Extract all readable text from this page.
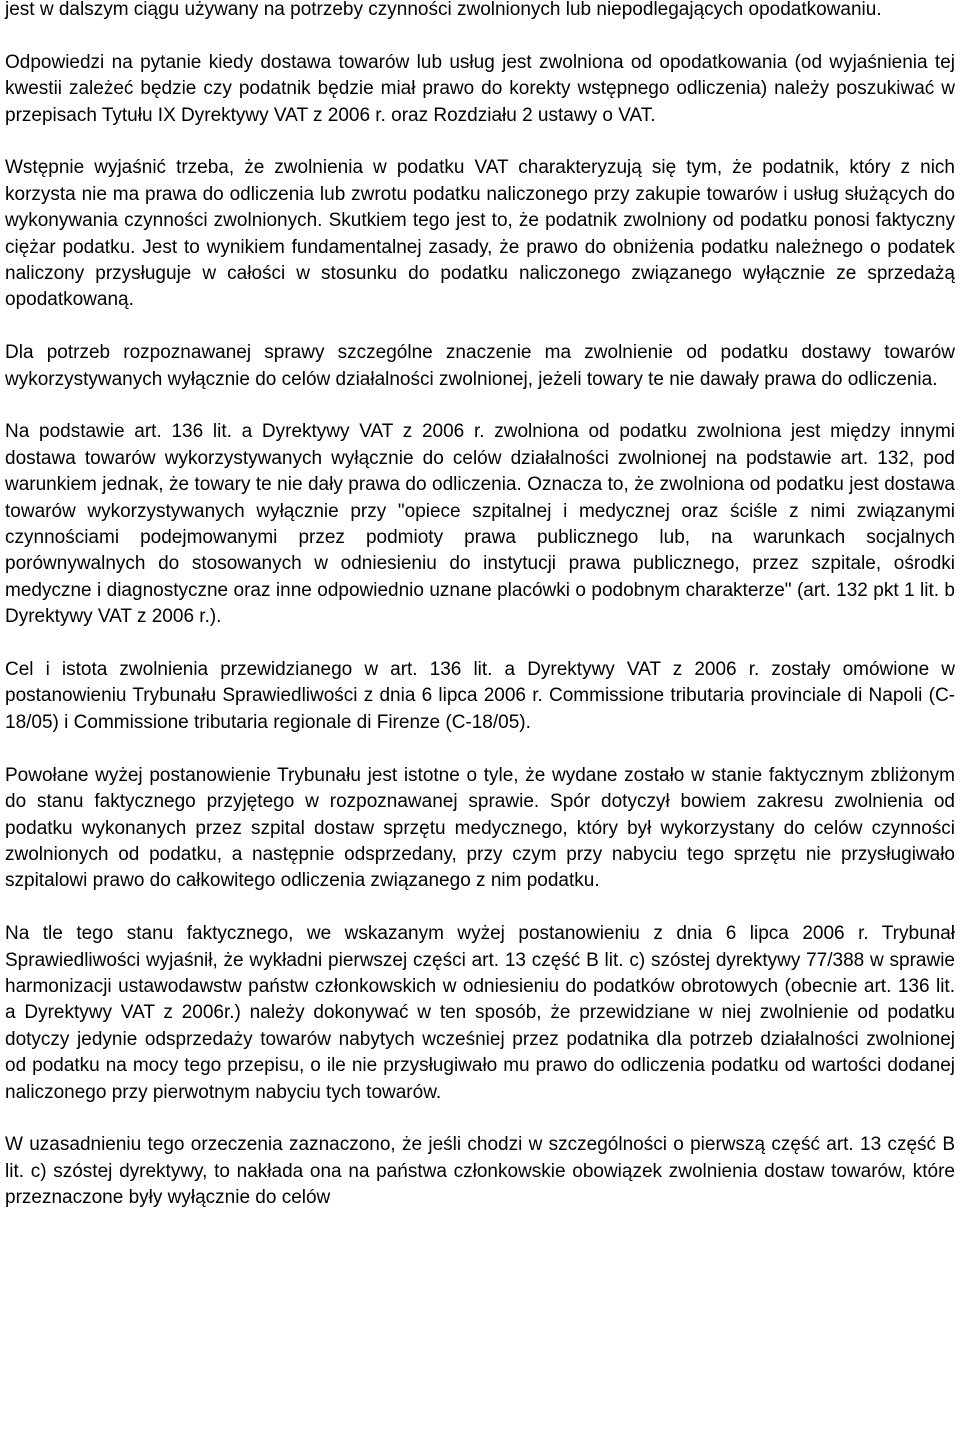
jest w dalszym ciągu używany na potrzeby czynności zwolnionych lub niepodlegających opodatkowaniu.

Odpowiedzi na pytanie kiedy dostawa towarów lub usług jest zwolniona od opodatkowania (od wyjaśnienia tej kwestii zależeć będzie czy podatnik będzie miał prawo do korekty wstępnego odliczenia) należy poszukiwać w przepisach Tytułu IX Dyrektywy VAT z 2006 r. oraz Rozdziału 2 ustawy o VAT.

Wstępnie wyjaśnić trzeba, że zwolnienia w podatku VAT charakteryzują się tym, że podatnik, który z nich korzysta nie ma prawa do odliczenia lub zwrotu podatku naliczonego przy zakupie towarów i usług służących do wykonywania czynności zwolnionych. Skutkiem tego jest to, że podatnik zwolniony od podatku ponosi faktyczny ciężar podatku. Jest to wynikiem fundamentalnej zasady, że prawo do obniżenia podatku należnego o podatek naliczony przysługuje w całości w stosunku do podatku naliczonego związanego wyłącznie ze sprzedażą opodatkowaną.

Dla potrzeb rozpoznawanej sprawy szczególne znaczenie ma zwolnienie od podatku dostawy towarów wykorzystywanych wyłącznie do celów działalności zwolnionej, jeżeli towary te nie dawały prawa do odliczenia.

Na podstawie art. 136 lit. a Dyrektywy VAT z 2006 r. zwolniona od podatku zwolniona jest między innymi dostawa towarów wykorzystywanych wyłącznie do celów działalności zwolnionej na podstawie art. 132, pod warunkiem jednak, że towary te nie dały prawa do odliczenia. Oznacza to, że zwolniona od podatku jest dostawa towarów wykorzystywanych wyłącznie przy "opiece szpitalnej i medycznej oraz ściśle z nimi związanymi czynnościami podejmowanymi przez podmioty prawa publicznego lub, na warunkach socjalnych porównywalnych do stosowanych w odniesieniu do instytucji prawa publicznego, przez szpitale, ośrodki medyczne i diagnostyczne oraz inne odpowiednio uznane placówki o podobnym charakterze" (art. 132 pkt 1 lit. b Dyrektywy VAT z 2006 r.).

Cel i istota zwolnienia przewidzianego w art. 136 lit. a Dyrektywy VAT z 2006 r. zostały omówione w postanowieniu Trybunału Sprawiedliwości z dnia 6 lipca 2006 r. Commissione tributaria provinciale di Napoli (C-18/05) i Commissione tributaria regionale di Firenze (C-18/05).

Powołane wyżej postanowienie Trybunału jest istotne o tyle, że wydane zostało w stanie faktycznym zbliżonym do stanu faktycznego przyjętego w rozpoznawanej sprawie. Spór dotyczył bowiem zakresu zwolnienia od podatku wykonanych przez szpital dostaw sprzętu medycznego, który był wykorzystany do celów czynności zwolnionych od podatku, a następnie odsprzedany, przy czym przy nabyciu tego sprzętu nie przysługiwało szpitalowi prawo do całkowitego odliczenia związanego z nim podatku.

Na tle tego stanu faktycznego, we wskazanym wyżej postanowieniu z dnia 6 lipca 2006 r. Trybunał Sprawiedliwości wyjaśnił, że wykładni pierwszej części art. 13 część B lit. c) szóstej dyrektywy 77/388 w sprawie harmonizacji ustawodawstw państw członkowskich w odniesieniu do podatków obrotowych (obecnie art. 136 lit. a Dyrektywy VAT z 2006r.) należy dokonywać w ten sposób, że przewidziane w niej zwolnienie od podatku dotyczy jedynie odsprzedaży towarów nabytych wcześniej przez podatnika dla potrzeb działalności zwolnionej od podatku na mocy tego przepisu, o ile nie przysługiwało mu prawo do odliczenia podatku od wartości dodanej naliczonego przy pierwotnym nabyciu tych towarów.

W uzasadnieniu tego orzeczenia zaznaczono, że jeśli chodzi w szczególności o pierwszą część art. 13 część B lit. c) szóstej dyrektywy, to nakłada ona na państwa członkowskie obowiązek zwolnienia dostaw towarów, które przeznaczone były wyłącznie do celów
